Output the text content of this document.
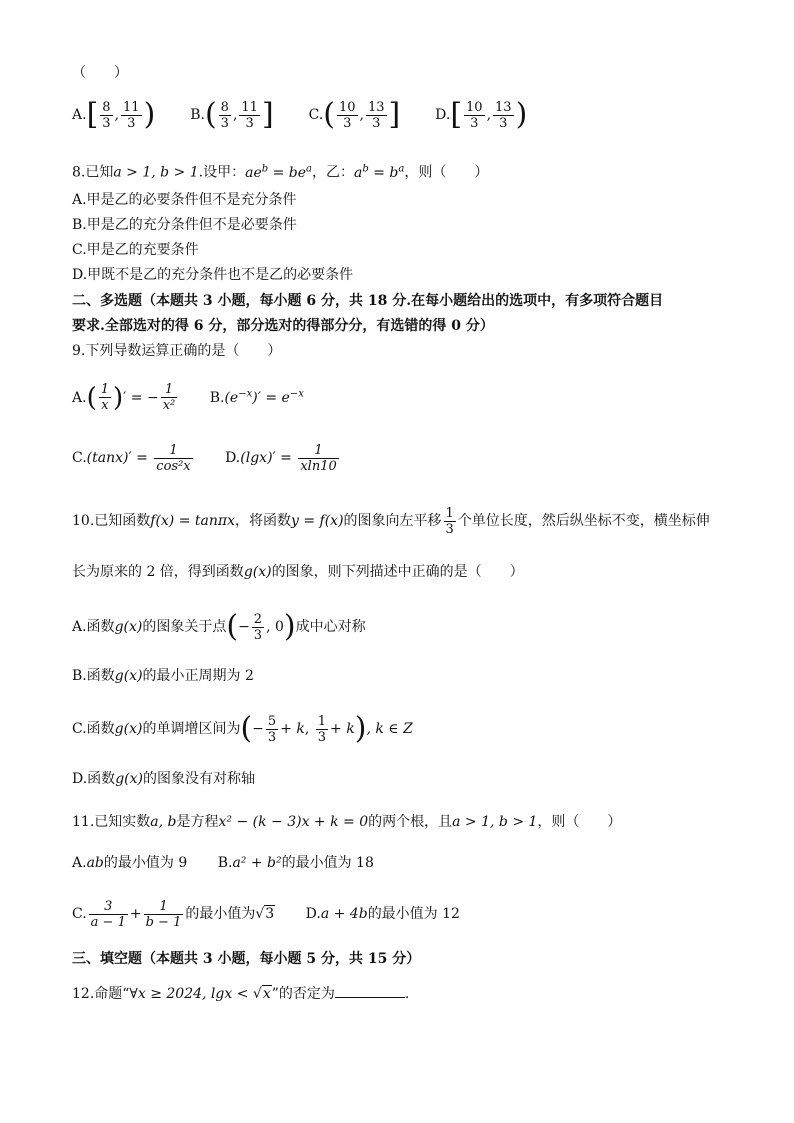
（　　）
$A.[ \frac{8}{3}$ , $\frac{11}{3}$ ) $B.( \frac{8}{3}$ , $\frac{11}{3}$ ] $C.( \frac{10}{3}$ , $\frac{13}{3}$ ] $D.[ \frac{10}{3}$ , $\frac{13}{3}$ )
8.已知a > 1, b > 1.设甲：$ae^b = be^a$，乙：$a^b = b^a$，则（　　）
A.甲是乙的必要条件但不是充分条件
B.甲是乙的充分条件但不是必要条件
C.甲是乙的充要条件
D.甲既不是乙的充分条件也不是乙的必要条件
二、多选题（本题共 3 小题，每小题 6 分，共 18 分.在每小题给出的选项中，有多项符合题目
要求.全部选对的得 6 分，部分选对的得部分分，有选错的得 0 分）
9.下列导数运算正确的是（　　）
$A.( \frac{1}{x}$ )′ = − $\frac{1}{\text{x²}} B.(e^{-x})' = e^{-x}$
$C.(\tan x)' = \frac{1}{\text{cos²x}} D.(\lg x)' = \frac{1}{xln10}$
10.已知函数f(x) = tanπx，将函数y = f(x)的图象向左平移 $\frac{1}{3}$ 个单位长度，然后纵坐标不变，横坐标伸
长为原来的 2 倍，得到函数g(x)的图象，则下列描述中正确的是（　　）
A.函数g(x)的图象关于点(− $\frac{2}{3}$ , 0)成中心对称
B.函数g(x)的最小正周期为 2
C.函数g(x)的单调增区间为(− $\frac{5}{3} + k$, $\frac{1}{3} + k$), k ∈ Z
D.函数g(x)的图象没有对称轴
11.已知实数a, b是方程x² − (k − 3)x + k = 0的两个根，且a > 1, b > 1，则（　　）
A.ab的最小值为 9 B.a² + b²的最小值为 18
C. $\frac{3}{a - 1} + \frac{1}{b - 1}$ 的最小值为√3 D.a + 4b的最小值为 12
三、填空题（本题共 3 小题，每小题 5 分，共 15 分）
12.命题“∀x ≥ 2024, lgx < √x”的否定为	.
